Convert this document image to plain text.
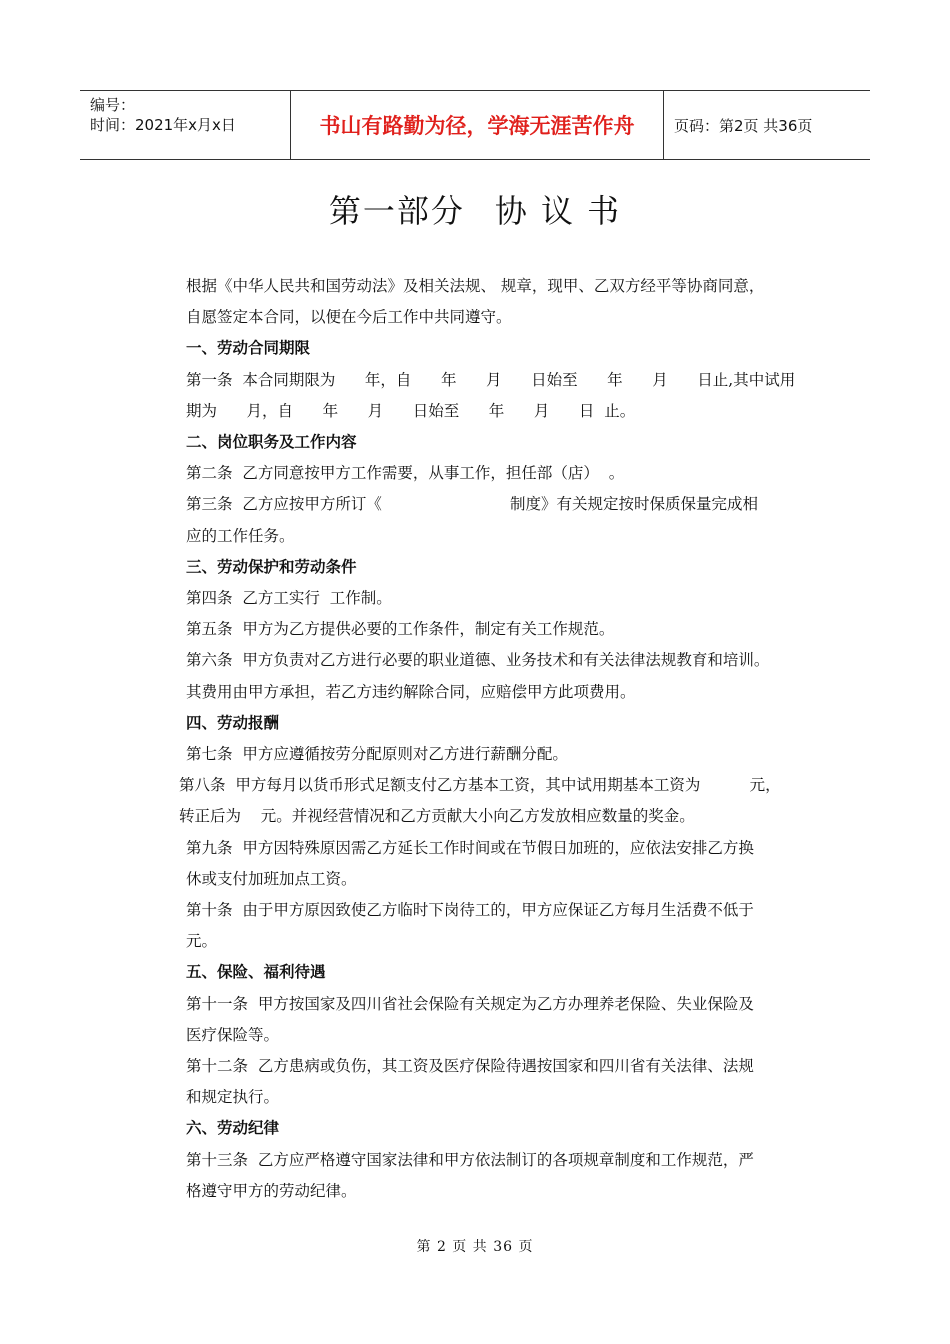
编号：
时间：2021年x月x日	书山有路勤为径，学海无涯苦作舟	页码：第2页 共36页
第一部分 协 议 书

根据《中华人民共和国劳动法》及相关法规、 规章，现甲、乙双方经平等协商同意，

自愿签定本合同，以便在今后工作中共同遵守。

一、劳动合同期限

第一条  本合同期限为      年，自      年      月      日始至      年      月      日止,其中试用

期为      月，自      年      月      日始至      年      月      日  止。

二、岗位职务及工作内容

第二条  乙方同意按甲方工作需要，从事工作，担任部（店）  。

第三条  乙方应按甲方所订《                          制度》有关规定按时保质保量完成相

应的工作任务。

三、劳动保护和劳动条件

第四条  乙方工实行  工作制。

第五条  甲方为乙方提供必要的工作条件，制定有关工作规范。

第六条  甲方负责对乙方进行必要的职业道德、业务技术和有关法律法规教育和培训。

其费用由甲方承担，若乙方违约解除合同，应赔偿甲方此项费用。

四、劳动报酬

第七条  甲方应遵循按劳分配原则对乙方进行薪酬分配。

第八条  甲方每月以货币形式足额支付乙方基本工资，其中试用期基本工资为          元，

转正后为    元。并视经营情况和乙方贡献大小向乙方发放相应数量的奖金。

第九条  甲方因特殊原因需乙方延长工作时间或在节假日加班的，应依法安排乙方换

休或支付加班加点工资。

第十条  由于甲方原因致使乙方临时下岗待工的，甲方应保证乙方每月生活费不低于

元。

五、保险、福利待遇

第十一条  甲方按国家及四川省社会保险有关规定为乙方办理养老保险、失业保险及

医疗保险等。

第十二条  乙方患病或负伤，其工资及医疗保险待遇按国家和四川省有关法律、法规

和规定执行。

六、劳动纪律

第十三条  乙方应严格遵守国家法律和甲方依法制订的各项规章制度和工作规范，严

格遵守甲方的劳动纪律。

第 2 页 共 36 页
